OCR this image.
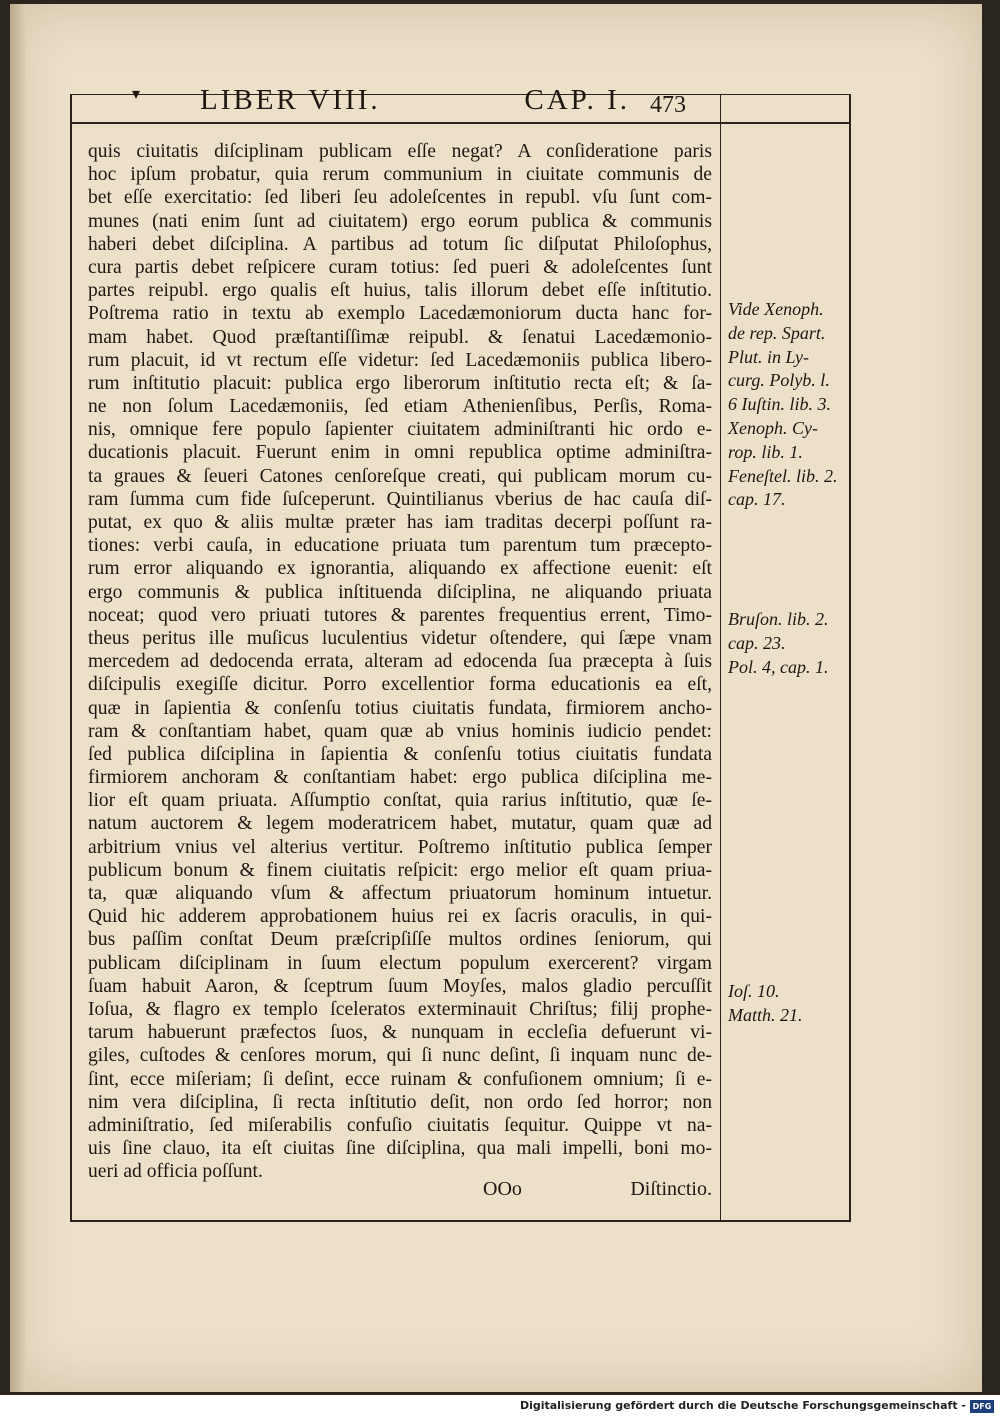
▾ LIBER VIII.	CAP. I. 473
quis ciuitatis diſciplinam publicam eſſe negat? A conſideratione paris
hoc ipſum probatur, quia rerum communium in ciuitate communis de
bet eſſe exercitatio: ſed liberi ſeu adoleſcentes in republ. vſu ſunt com-
munes (nati enim ſunt ad ciuitatem) ergo eorum publica & communis
haberi debet diſciplina. A partibus ad totum ſic diſputat Philoſophus,
cura partis debet reſpicere curam totius: ſed pueri & adoleſcentes ſunt
partes reipubl. ergo qualis eſt huius, talis illorum debet eſſe inſtitutio.
Poſtrema ratio in textu ab exemplo Lacedæmoniorum ducta hanc for-
mam habet. Quod præſtantiſſimæ reipubl. & ſenatui Lacedæmonio-
rum placuit, id vt rectum eſſe videtur: ſed Lacedæmoniis publica libero-
rum inſtitutio placuit: publica ergo liberorum inſtitutio recta eſt; & ſa-
ne non ſolum Lacedæmoniis, ſed etiam Athenienſibus, Perſis, Roma-
nis, omnique fere populo ſapienter ciuitatem adminiſtranti hic ordo e-
ducationis placuit. Fuerunt enim in omni republica optime adminiſtra-
ta graues & ſeueri Catones cenſoreſque creati, qui publicam morum cu-
ram ſumma cum fide ſuſceperunt. Quintilianus vberius de hac cauſa diſ-
putat, ex quo & aliis multæ præter has iam traditas decerpi poſſunt ra-
tiones: verbi cauſa, in educatione priuata tum parentum tum præcepto-
rum error aliquando ex ignorantia, aliquando ex affectione euenit: eſt
ergo communis & publica inſtituenda diſciplina, ne aliquando priuata
noceat; quod vero priuati tutores & parentes frequentius errent, Timo-
theus peritus ille muſicus luculentius videtur oſtendere, qui ſæpe vnam
mercedem ad dedocenda errata, alteram ad edocenda ſua præcepta à ſuis
diſcipulis exegiſſe dicitur. Porro excellentior forma educationis ea eſt,
quæ in ſapientia & conſenſu totius ciuitatis fundata, firmiorem ancho-
ram & conſtantiam habet, quam quæ ab vnius hominis iudicio pendet:
ſed publica diſciplina in ſapientia & conſenſu totius ciuitatis fundata
firmiorem anchoram & conſtantiam habet: ergo publica diſciplina me-
lior eſt quam priuata. Aſſumptio conſtat, quia rarius inſtitutio, quæ ſe-
natum auctorem & legem moderatricem habet, mutatur, quam quæ ad
arbitrium vnius vel alterius vertitur. Poſtremo inſtitutio publica ſemper
publicum bonum & finem ciuitatis reſpicit: ergo melior eſt quam priua-
ta, quæ aliquando vſum & affectum priuatorum hominum intuetur.
Quid hic adderem approbationem huius rei ex ſacris oraculis, in qui-
bus paſſim conſtat Deum præſcripſiſſe multos ordines ſeniorum, qui
publicam diſciplinam in ſuum electum populum exercerent? virgam
ſuam habuit Aaron, & ſceptrum ſuum Moyſes, malos gladio percuſſit
Ioſua, & flagro ex templo ſceleratos exterminauit Chriſtus; filij prophe-
tarum habuerunt præfectos ſuos, & nunquam in eccleſia defuerunt vi-
giles, cuſtodes & cenſores morum, qui ſi nunc deſint, ſi inquam nunc de-
ſint, ecce miſeriam; ſi deſint, ecce ruinam & confuſionem omnium; ſi e-
nim vera diſciplina, ſi recta inſtitutio deſit, non ordo ſed horror; non
adminiſtratio, ſed miſerabilis confuſio ciuitatis ſequitur. Quippe vt na-
uis ſine clauo, ita eſt ciuitas ſine diſciplina, qua mali impelli, boni mo-
ueri ad officia poſſunt.
OOo	Diſtinctio.
Vide Xenoph.
de rep. Spart.
Plut. in Ly-
curg. Polyb. l.
6 Iuſtin. lib. 3.
Xenoph. Cy-
rop. lib. 1.
Feneſtel. lib. 2.
cap. 17.
Bruſon. lib. 2.
cap. 23.
Pol. 4, cap. 1.
Ioſ. 10.
Matth. 21.
Digitalisierung gefördert durch die Deutsche Forschungsgemeinschaft - DFG
